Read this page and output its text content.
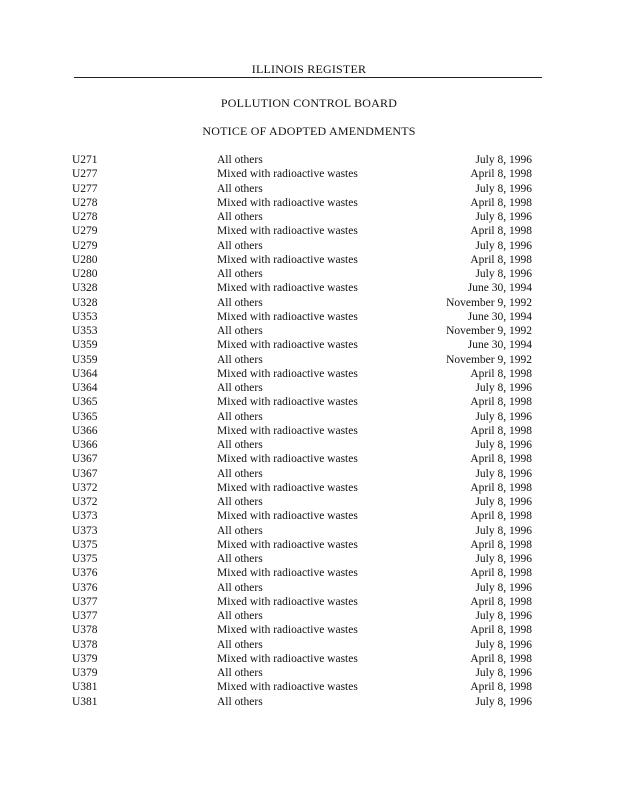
ILLINOIS REGISTER
POLLUTION CONTROL BOARD
NOTICE OF ADOPTED AMENDMENTS
U271	All others	July 8, 1996
U277	Mixed with radioactive wastes	April 8, 1998
U277	All others	July 8, 1996
U278	Mixed with radioactive wastes	April 8, 1998
U278	All others	July 8, 1996
U279	Mixed with radioactive wastes	April 8, 1998
U279	All others	July 8, 1996
U280	Mixed with radioactive wastes	April 8, 1998
U280	All others	July 8, 1996
U328	Mixed with radioactive wastes	June 30, 1994
U328	All others	November 9, 1992
U353	Mixed with radioactive wastes	June 30, 1994
U353	All others	November 9, 1992
U359	Mixed with radioactive wastes	June 30, 1994
U359	All others	November 9, 1992
U364	Mixed with radioactive wastes	April 8, 1998
U364	All others	July 8, 1996
U365	Mixed with radioactive wastes	April 8, 1998
U365	All others	July 8, 1996
U366	Mixed with radioactive wastes	April 8, 1998
U366	All others	July 8, 1996
U367	Mixed with radioactive wastes	April 8, 1998
U367	All others	July 8, 1996
U372	Mixed with radioactive wastes	April 8, 1998
U372	All others	July 8, 1996
U373	Mixed with radioactive wastes	April 8, 1998
U373	All others	July 8, 1996
U375	Mixed with radioactive wastes	April 8, 1998
U375	All others	July 8, 1996
U376	Mixed with radioactive wastes	April 8, 1998
U376	All others	July 8, 1996
U377	Mixed with radioactive wastes	April 8, 1998
U377	All others	July 8, 1996
U378	Mixed with radioactive wastes	April 8, 1998
U378	All others	July 8, 1996
U379	Mixed with radioactive wastes	April 8, 1998
U379	All others	July 8, 1996
U381	Mixed with radioactive wastes	April 8, 1998
U381	All others	July 8, 1996
